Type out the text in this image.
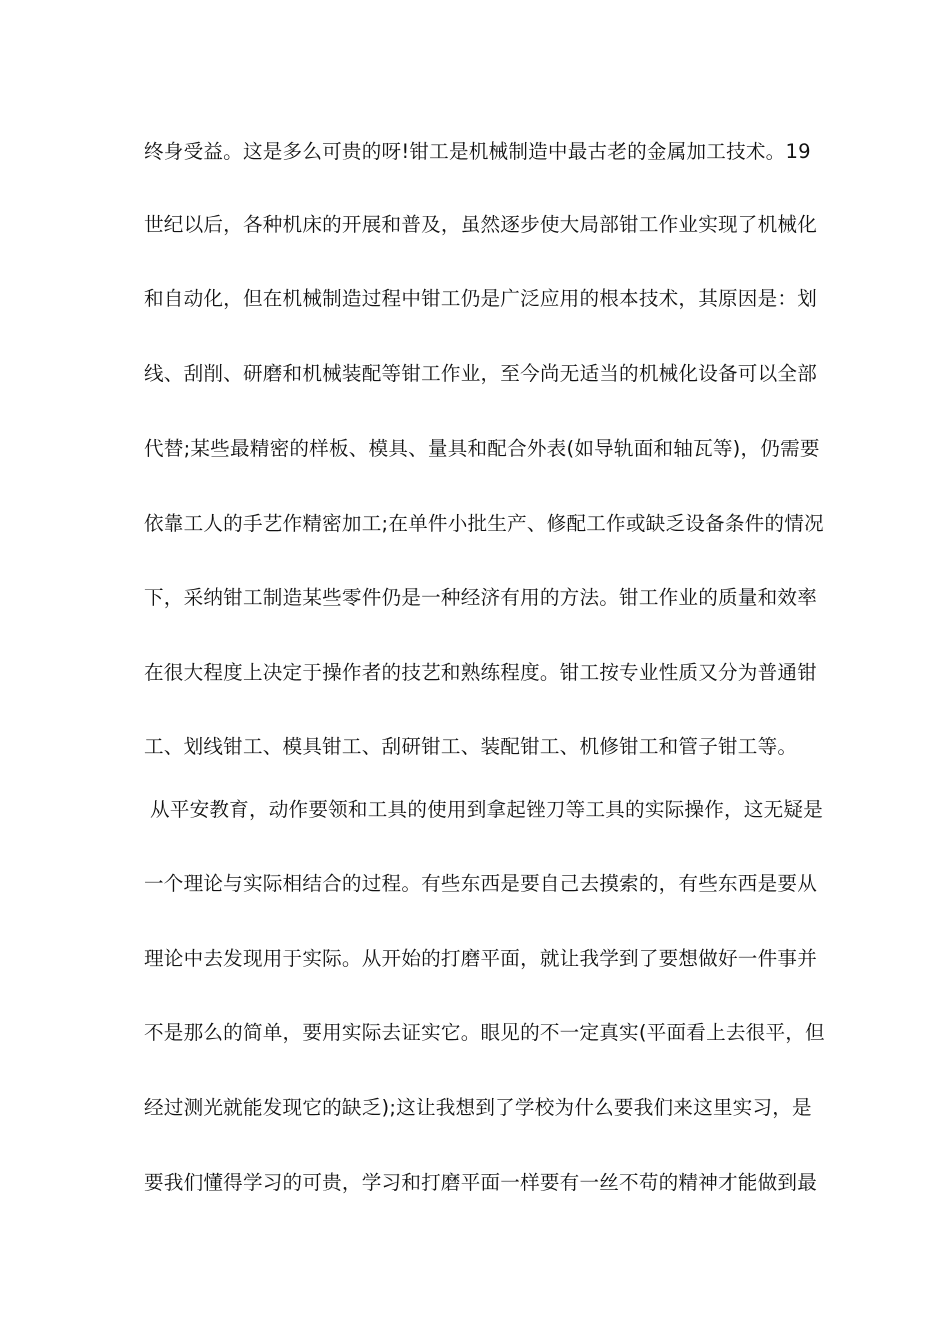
终身受益。这是多么可贵的呀!钳工是机械制造中最古老的金属加工技术。19
世纪以后，各种机床的开展和普及，虽然逐步使大局部钳工作业实现了机械化
和自动化，但在机械制造过程中钳工仍是广泛应用的根本技术，其原因是：划
线、刮削、研磨和机械装配等钳工作业，至今尚无适当的机械化设备可以全部
代替;某些最精密的样板、模具、量具和配合外表(如导轨面和轴瓦等)，仍需要
依靠工人的手艺作精密加工;在单件小批生产、修配工作或缺乏设备条件的情况
下，采纳钳工制造某些零件仍是一种经济有用的方法。钳工作业的质量和效率
在很大程度上决定于操作者的技艺和熟练程度。钳工按专业性质又分为普通钳
工、划线钳工、模具钳工、刮研钳工、装配钳工、机修钳工和管子钳工等。
从平安教育，动作要领和工具的使用到拿起锉刀等工具的实际操作，这无疑是
一个理论与实际相结合的过程。有些东西是要自己去摸索的，有些东西是要从
理论中去发现用于实际。从开始的打磨平面，就让我学到了要想做好一件事并
不是那么的简单，要用实际去证实它。眼见的不一定真实(平面看上去很平，但
经过测光就能发现它的缺乏);这让我想到了学校为什么要我们来这里实习，是
要我们懂得学习的可贵，学习和打磨平面一样要有一丝不苟的精神才能做到最
